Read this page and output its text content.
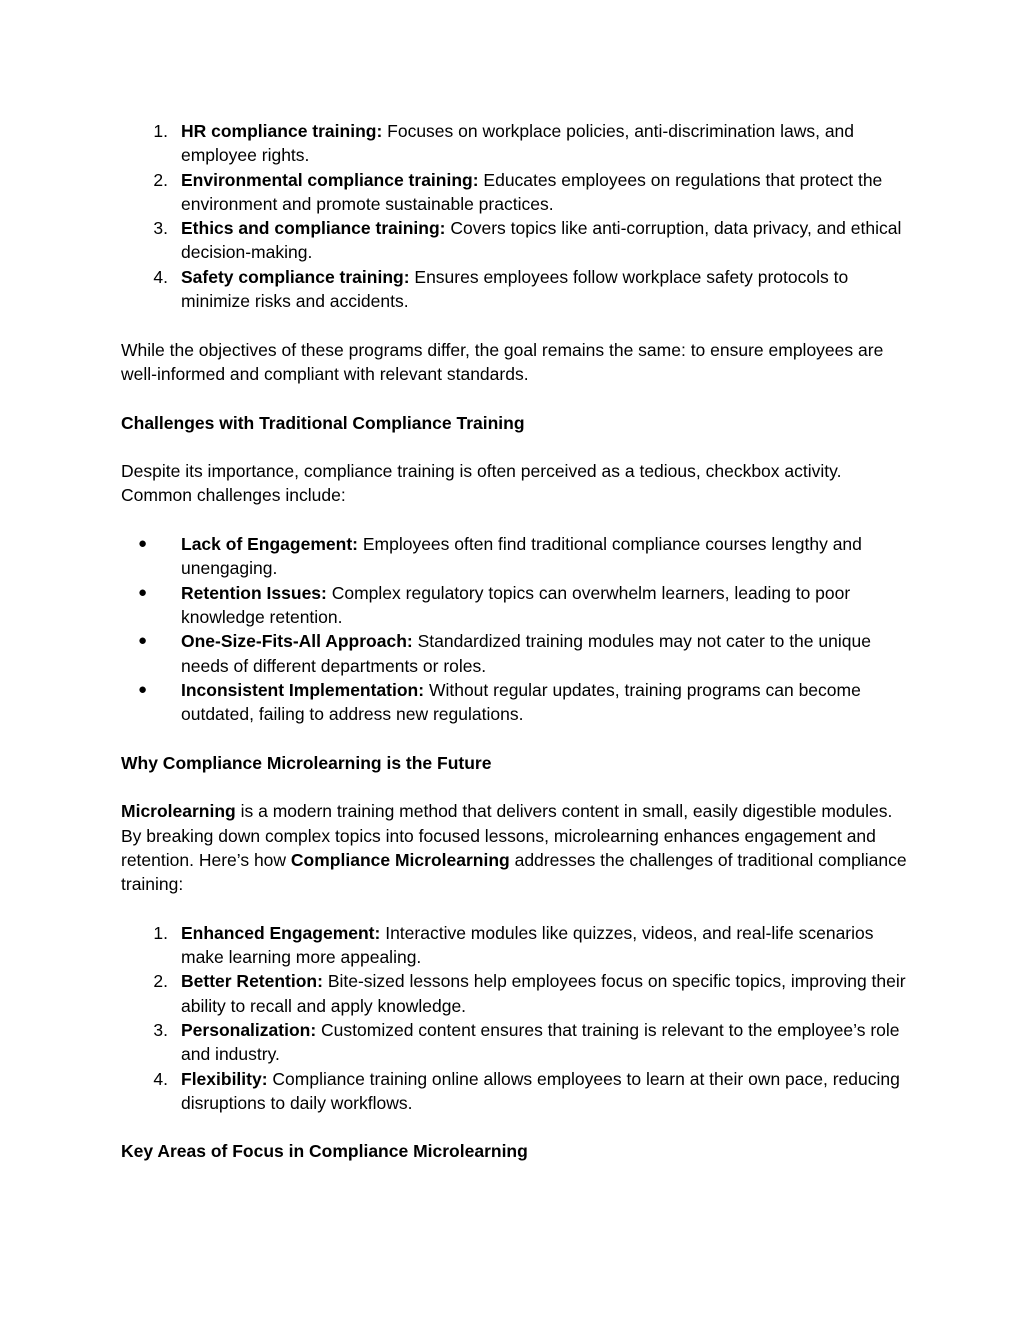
1. HR compliance training: Focuses on workplace policies, anti-discrimination laws, and employee rights.
2. Environmental compliance training: Educates employees on regulations that protect the environment and promote sustainable practices.
3. Ethics and compliance training: Covers topics like anti-corruption, data privacy, and ethical decision-making.
4. Safety compliance training: Ensures employees follow workplace safety protocols to minimize risks and accidents.

While the objectives of these programs differ, the goal remains the same: to ensure employees are well-informed and compliant with relevant standards.

Challenges with Traditional Compliance Training

Despite its importance, compliance training is often perceived as a tedious, checkbox activity. Common challenges include:

● Lack of Engagement: Employees often find traditional compliance courses lengthy and unengaging.
● Retention Issues: Complex regulatory topics can overwhelm learners, leading to poor knowledge retention.
● One-Size-Fits-All Approach: Standardized training modules may not cater to the unique needs of different departments or roles.
● Inconsistent Implementation: Without regular updates, training programs can become outdated, failing to address new regulations.

Why Compliance Microlearning is the Future

Microlearning is a modern training method that delivers content in small, easily digestible modules. By breaking down complex topics into focused lessons, microlearning enhances engagement and retention. Here’s how Compliance Microlearning addresses the challenges of traditional compliance training:

1. Enhanced Engagement: Interactive modules like quizzes, videos, and real-life scenarios make learning more appealing.
2. Better Retention: Bite-sized lessons help employees focus on specific topics, improving their ability to recall and apply knowledge.
3. Personalization: Customized content ensures that training is relevant to the employee’s role and industry.
4. Flexibility: Compliance training online allows employees to learn at their own pace, reducing disruptions to daily workflows.

Key Areas of Focus in Compliance Microlearning
